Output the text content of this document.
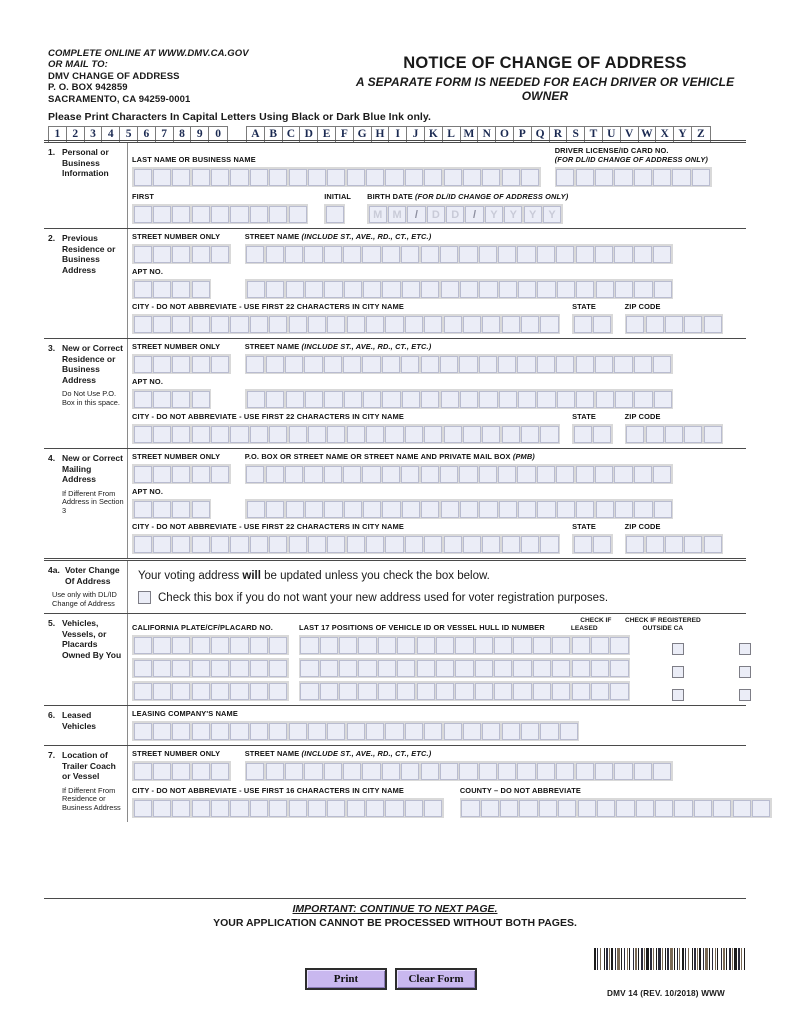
COMPLETE ONLINE AT WWW.DMV.CA.GOV
OR MAIL TO:
DMV CHANGE OF ADDRESS
P. O. BOX 942859
SACRAMENTO, CA 94259-0001
NOTICE OF CHANGE OF ADDRESS
A SEPARATE FORM IS NEEDED FOR EACH DRIVER OR VEHICLE OWNER
Please Print Characters In Capital Letters Using Black or Dark Blue Ink only.
1	2	3	4	5	6	7	8	9	0	A B C D E F G H I	J K L M N O P Q R S T U V W X Y Z
1. Personal or Business Information
LAST NAME OR BUSINESS NAME
DRIVER LICENSE/ID CARD NO.
(FOR DL/ID CHANGE OF ADDRESS ONLY)
FIRST	INITIAL BIRTH DATE (FOR DL/ID CHANGE OF ADDRESS ONLY)
M M	/	D	D	/	Y	Y	Y	Y
2. Previous Residence or Business Address
STREET NUMBER ONLY	STREET NAME (INCLUDE ST., AVE., RD., CT., ETC.)
APT NO.
CITY - DO NOT ABBREVIATE - USE FIRST 22 CHARACTERS IN CITY NAME	STATE	ZIP CODE
3. New or Correct Residence or Business Address
Do Not Use P.O. Box in this space.
STREET NUMBER ONLY	STREET NAME (INCLUDE ST., AVE., RD., CT., ETC.)
APT NO.
CITY - DO NOT ABBREVIATE - USE FIRST 22 CHARACTERS IN CITY NAME	STATE	ZIP CODE
4. New or Correct Mailing Address
If Different From Address in Section 3
STREET NUMBER ONLY	P.O. BOX OR STREET NAME OR STREET NAME AND PRIVATE MAIL BOX (PMB)
APT NO.
CITY - DO NOT ABBREVIATE - USE FIRST 22 CHARACTERS IN CITY NAME	STATE	ZIP CODE
4a. Voter Change Of Address
Use only with DL/ID Change of Address
Your voting address will be updated unless you check the box below.
Check this box if you do not want your new address used for voter registration purposes.
5. Vehicles, Vessels, or Placards Owned By You
CALIFORNIA PLATE/CF/PLACARD NO.	LAST 17 POSITIONS OF VEHICLE ID OR VESSEL HULL ID NUMBER
CHECK IF
LEASED
CHECK IF REGISTERED
OUTSIDE CA
6. Leased Vehicles
LEASING COMPANY'S NAME
7. Location of Trailer Coach or Vessel
If Different From Residence or Business Address
STREET NUMBER ONLY	STREET NAME (INCLUDE ST., AVE., RD., CT., ETC.)
CITY - DO NOT ABBREVIATE - USE FIRST 16 CHARACTERS IN CITY NAME	COUNTY – DO NOT ABBREVIATE
IMPORTANT: CONTINUE TO NEXT PAGE.
YOUR APPLICATION CANNOT BE PROCESSED WITHOUT BOTH PAGES.
Print	Clear Form
DMV 14 (REV. 10/2018) WWW
